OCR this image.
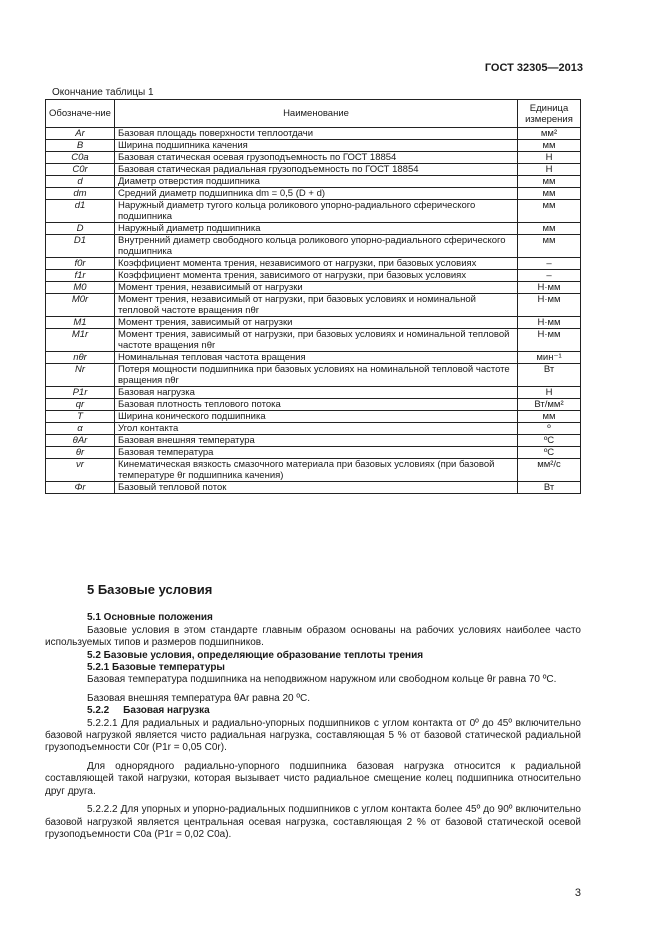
ГОСТ 32305—2013
Окончание таблицы 1
Обозначе-ние	Наименование	Единица измерения
Ar	Базовая площадь поверхности теплоотдачи	мм²
B	Ширина подшипника качения	мм
C0a	Базовая статическая осевая грузоподъемность по ГОСТ 18854	Н
C0r	Базовая статическая радиальная грузоподъемность по ГОСТ 18854	Н
d	Диаметр отверстия подшипника	мм
dm	Средний диаметр подшипника dm = 0,5 (D + d)	мм
d1	Наружный диаметр тугого кольца роликового упорно-радиального сферического подшипника	мм
D	Наружный диаметр подшипника	мм
D1	Внутренний диаметр свободного кольца роликового упорно-радиального сферического подшипника	мм
f0r	Коэффициент момента трения, независимого от нагрузки, при базовых условиях	–
f1r	Коэффициент момента трения, зависимого от нагрузки, при базовых условиях	–
M0	Момент трения, независимый от нагрузки	Н·мм
M0r	Момент трения, независимый от нагрузки, при базовых условиях и номинальной тепловой частоте вращения nθr	Н·мм
M1	Момент трения, зависимый от нагрузки	Н·мм
M1r	Момент трения, зависимый от нагрузки, при базовых условиях и номинальной тепловой частоте вращения nθr	Н·мм
nθr	Номинальная тепловая частота вращения	мин⁻¹
Nr	Потеря мощности подшипника при базовых условиях на номинальной тепловой частоте вращения nθr	Вт
P1r	Базовая нагрузка	Н
qr	Базовая плотность теплового потока	Вт/мм²
T	Ширина конического подшипника	мм
α	Угол контакта	º
θAr	Базовая внешняя температура	ºС
θr	Базовая температура	ºС
νr	Кинематическая вязкость смазочного материала при базовых условиях (при базовой температуре θr подшипника качения)	мм²/с
Φr	Базовый тепловой поток	Вт
5 Базовые условия
5.1 Основные положения
Базовые условия в этом стандарте главным образом основаны на рабочих условиях наиболее часто используемых типов и размеров подшипников.
5.2 Базовые условия, определяющие образование теплоты трения
5.2.1 Базовые температуры
Базовая температура подшипника на неподвижном наружном или свободном кольце θr равна 70 ºС.
Базовая внешняя температура θAr равна 20 ºС.
5.2.2     Базовая нагрузка
5.2.2.1 Для радиальных и радиально-упорных подшипников с углом контакта от 0º до 45º включительно базовой нагрузкой является чисто радиальная нагрузка, составляющая 5 % от базовой статической радиальной грузоподъемности C0r (P1r = 0,05 C0r).
Для однорядного радиально-упорного подшипника базовая нагрузка относится к радиальной составляющей такой нагрузки, которая вызывает чисто радиальное смещение колец подшипника относительно друг друга.
5.2.2.2 Для упорных и упорно-радиальных подшипников с углом контакта более 45º до 90º включительно базовой нагрузкой является центральная осевая нагрузка, составляющая 2 % от базовой статической осевой грузоподъемности C0a (P1r = 0,02 C0a).
3
